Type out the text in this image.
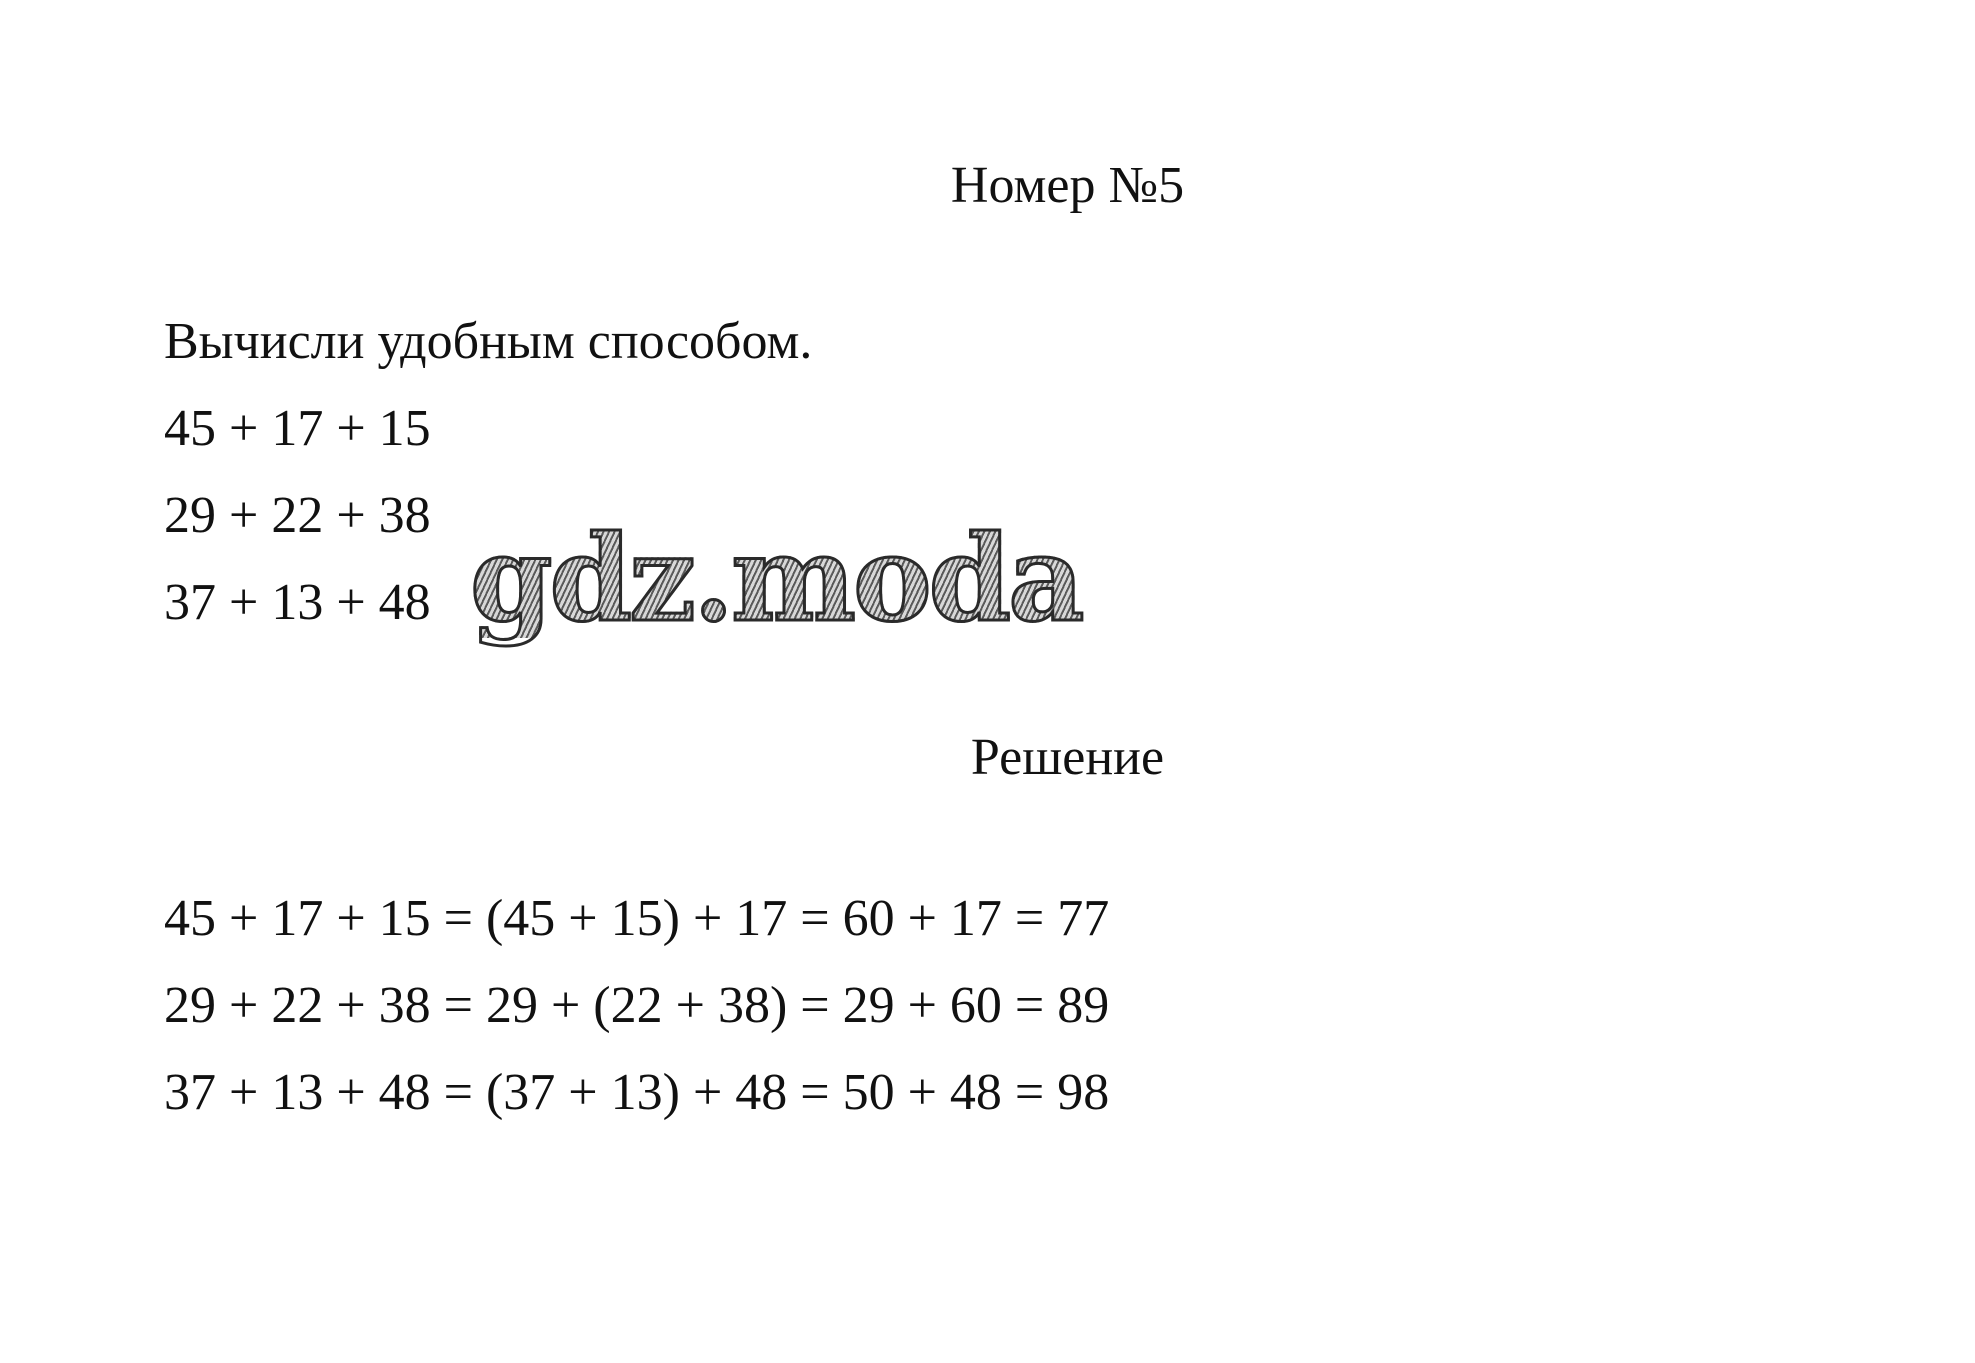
Номер №5

Вычисли удобным способом.

45 + 17 + 15

29 + 22 + 38

37 + 13 + 48 gdz.moda
Решение

45 + 17 + 15 = (45 + 15) + 17 = 60 + 17 = 77

29 + 22 + 38 = 29 + (22 + 38) = 29 + 60 = 89

37 + 13 + 48 = (37 + 13) + 48 = 50 + 48 = 98
